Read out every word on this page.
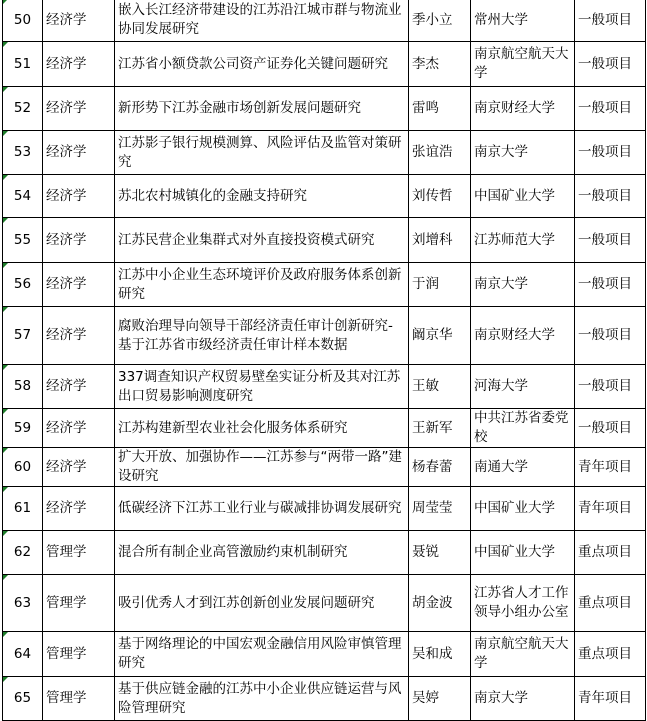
50	经济学	嵌入长江经济带建设的江苏沿江城市群与物流业协同发展研究	季小立	常州大学	一般项目
51	经济学	江苏省小额贷款公司资产证券化关键问题研究	李杰	南京航空航天大学	一般项目
52	经济学	新形势下江苏金融市场创新发展问题研究	雷鸣	南京财经大学	一般项目
53	经济学	江苏影子银行规模测算、风险评估及监管对策研究	张谊浩	南京大学	一般项目
54	经济学	苏北农村城镇化的金融支持研究	刘传哲	中国矿业大学	一般项目
55	经济学	江苏民营企业集群式对外直接投资模式研究	刘增科	江苏师范大学	一般项目
56	经济学	江苏中小企业生态环境评价及政府服务体系创新研究	于润	南京大学	一般项目
57	经济学	腐败治理导向领导干部经济责任审计创新研究-基于江苏省市级经济责任审计样本数据	阚京华	南京财经大学	一般项目
58	经济学	337调查知识产权贸易壁垒实证分析及其对江苏出口贸易影响测度研究	王敏	河海大学	一般项目
59	经济学	江苏构建新型农业社会化服务体系研究	王新军	中共江苏省委党校	一般项目
60	经济学	扩大开放、加强协作——江苏参与“两带一路”建设研究	杨春蕾	南通大学	青年项目
61	经济学	低碳经济下江苏工业行业与碳减排协调发展研究	周莹莹	中国矿业大学	青年项目
62	管理学	混合所有制企业高管激励约束机制研究	聂锐	中国矿业大学	重点项目
63	管理学	吸引优秀人才到江苏创新创业发展问题研究	胡金波	江苏省人才工作领导小组办公室	重点项目
64	管理学	基于网络理论的中国宏观金融信用风险审慎管理研究	吴和成	南京航空航天大学	重点项目
65	管理学	基于供应链金融的江苏中小企业供应链运营与风险管理研究	吴婷	南京大学	青年项目
